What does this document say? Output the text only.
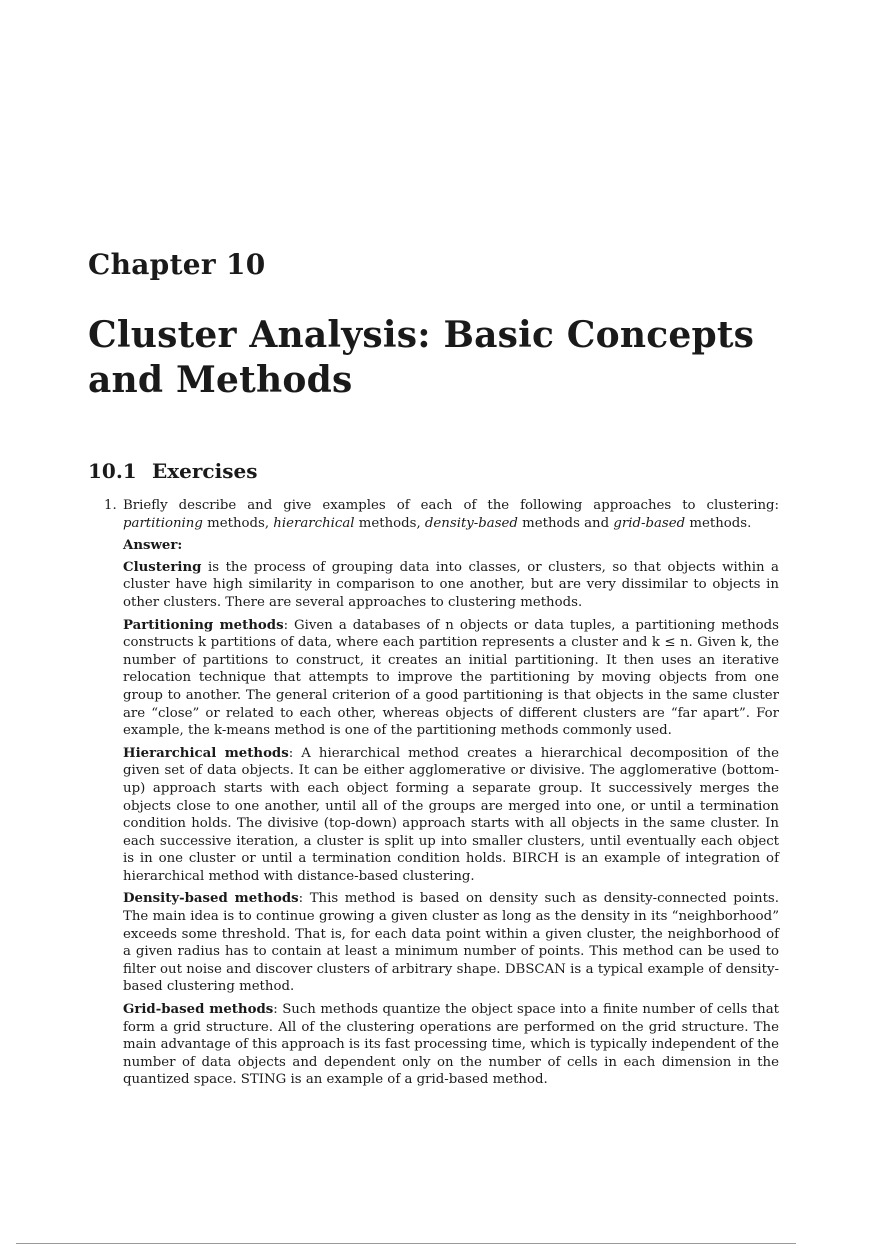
Chapter 10
Cluster Analysis: Basic Concepts and Methods
10.1 Exercises
1. Briefly describe and give examples of each of the following approaches to clustering: partitioning methods, hierarchical methods, density-based methods and grid-based methods.

Answer:

Clustering is the process of grouping data into classes, or clusters, so that objects within a cluster have high similarity in comparison to one another, but are very dissimilar to objects in other clusters. There are several approaches to clustering methods.

Partitioning methods: Given a databases of n objects or data tuples, a partitioning methods constructs k partitions of data, where each partition represents a cluster and k ≤ n. Given k, the number of partitions to construct, it creates an initial partitioning. It then uses an iterative relocation technique that attempts to improve the partitioning by moving objects from one group to another. The general criterion of a good partitioning is that objects in the same cluster are “close” or related to each other, whereas objects of different clusters are “far apart”. For example, the k-means method is one of the partitioning methods commonly used.

Hierarchical methods: A hierarchical method creates a hierarchical decomposition of the given set of data objects. It can be either agglomerative or divisive. The agglomerative (bottom-up) approach starts with each object forming a separate group. It successively merges the objects close to one another, until all of the groups are merged into one, or until a termination condition holds. The divisive (top-down) approach starts with all objects in the same cluster. In each successive iteration, a cluster is split up into smaller clusters, until eventually each object is in one cluster or until a termination condition holds. BIRCH is an example of integration of hierarchical method with distance-based clustering.

Density-based methods: This method is based on density such as density-connected points. The main idea is to continue growing a given cluster as long as the density in its “neighborhood” exceeds some threshold. That is, for each data point within a given cluster, the neighborhood of a given radius has to contain at least a minimum number of points. This method can be used to filter out noise and discover clusters of arbitrary shape. DBSCAN is a typical example of density-based clustering method.

Grid-based methods: Such methods quantize the object space into a finite number of cells that form a grid structure. All of the clustering operations are performed on the grid structure. The main advantage of this approach is its fast processing time, which is typically independent of the number of data objects and dependent only on the number of cells in each dimension in the quantized space. STING is an example of a grid-based method.
